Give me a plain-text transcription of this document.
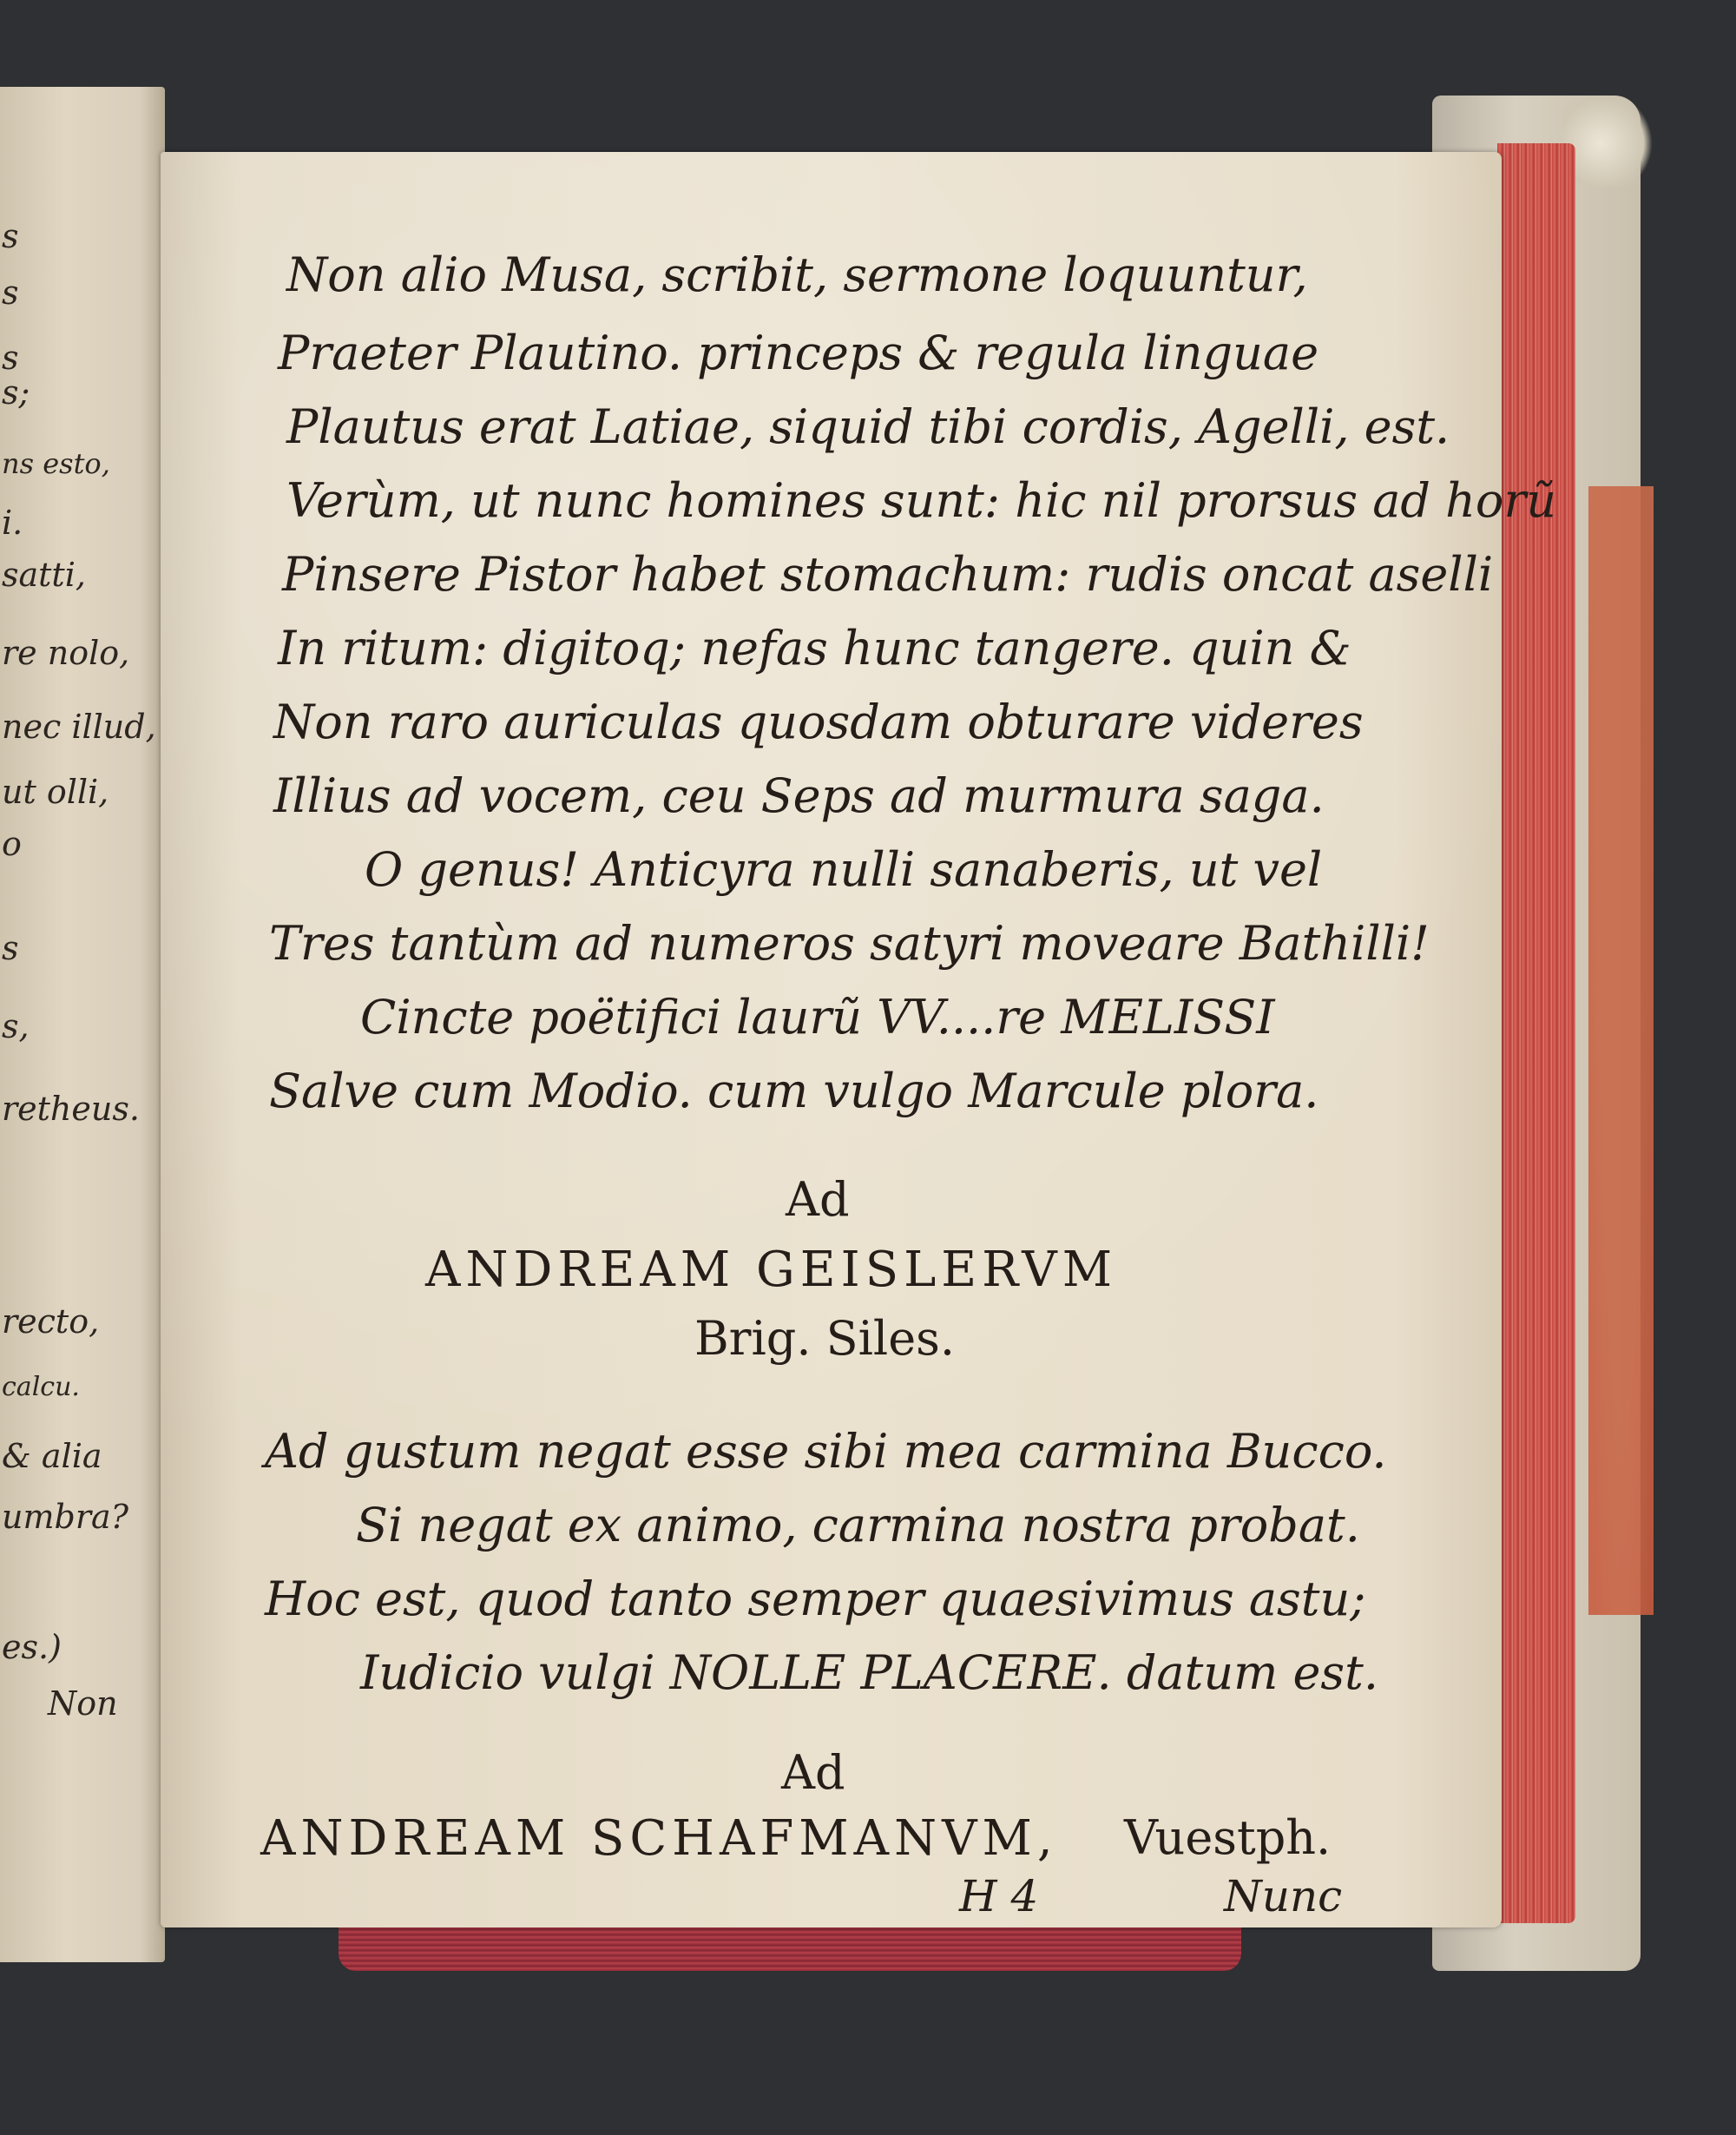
s
s
s
s;
ns esto,
i.
satti,
re nolo,
nec illud,
ut olli,
o
s
s,
retheus.
recto,
calcu.
& alia
umbra?
es.)
Non
Non alio Musa, scribit, sermone loquuntur,
Praeter Plautino. princeps & regula linguae
Plautus erat Latiae, siquid tibi cordis, Agelli, est.
Verùm, ut nunc homines sunt: hic nil prorsus ad horũ
Pinsere Pistor habet stomachum: rudis oncat aselli
In ritum: digitoq; nefas hunc tangere. quin &
Non raro auriculas quosdam obturare videres
Illius ad vocem, ceu Seps ad murmura saga.
O genus! Anticyra nulli sanaberis, ut vel
Tres tantùm ad numeros satyri moveare Bathilli!
Cincte poëtifici laurũ VV....re MELISSI
Salve cum Modio. cum vulgo Marcule plora.
Ad
ANDREAM GEISLERVM
Brig. Siles.
Ad gustum negat esse sibi mea carmina Bucco.
Si negat ex animo, carmina nostra probat.
Hoc est, quod tanto semper quaesivimus astu;
Iudicio vulgi NOLLE PLACERE. datum est.
Ad
ANDREAM SCHAFMANVM, Vuestph.
H 4	Nunc
